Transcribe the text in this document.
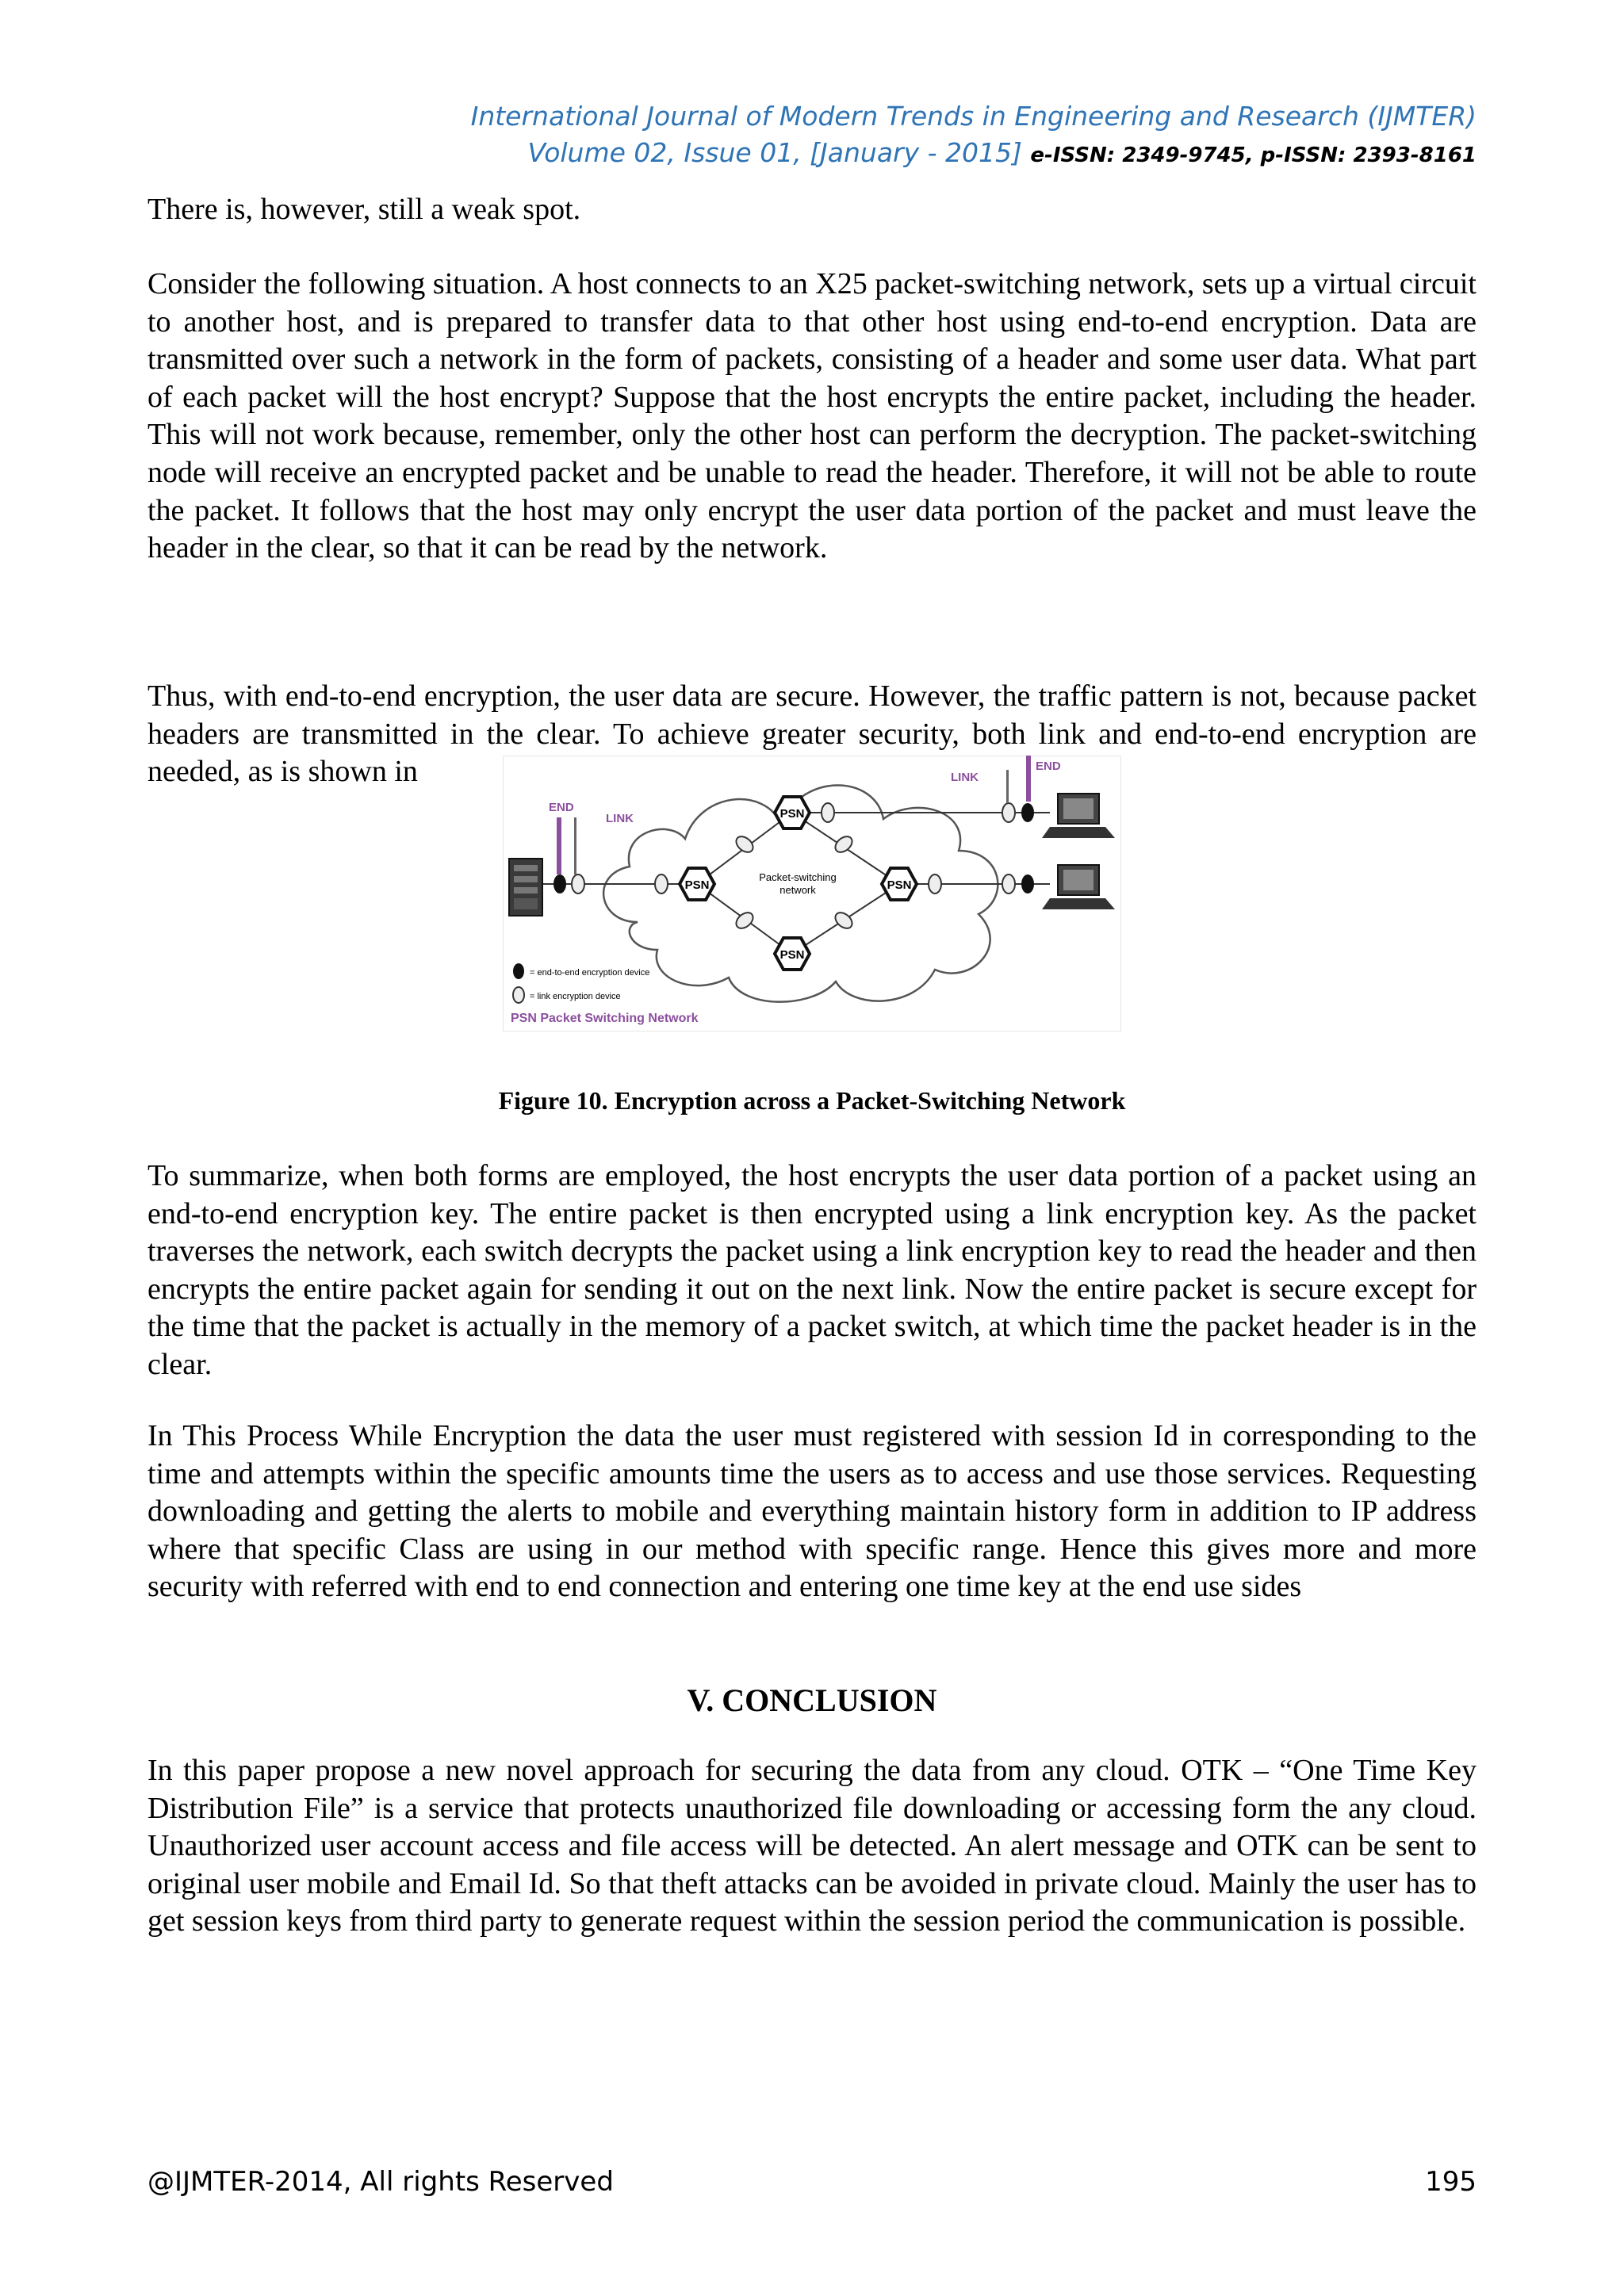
International Journal of Modern Trends in Engineering and Research (IJMTER)
Volume 02, Issue 01, [January - 2015] e-ISSN: 2349-9745, p-ISSN: 2393-8161

There is, however, still a weak spot.

Consider the following situation. A host connects to an X25 packet-switching network, sets up a virtual circuit to another host, and is prepared to transfer data to that other host using end-to-end encryption. Data are transmitted over such a network in the form of packets, consisting of a header and some user data. What part of each packet will the host encrypt? Suppose that the host encrypts the entire packet, including the header. This will not work because, remember, only the other host can perform the decryption. The packet-switching node will receive an encrypted packet and be unable to read the header. Therefore, it will not be able to route the packet. It follows that the host may only encrypt the user data portion of the packet and must leave the header in the clear, so that it can be read by the network.

Thus, with end-to-end encryption, the user data are secure. However, the traffic pattern is not, because packet headers are transmitted in the clear. To achieve greater security, both link and end-to-end encryption are needed, as is shown in

END
LINK
LINK
END
PSN
PSN	PSN
PSN
Packet-switching
network
= end-to-end encryption device
= link encryption device
PSN Packet Switching Network
Figure 10. Encryption across a Packet-Switching Network

To summarize, when both forms are employed, the host encrypts the user data portion of a packet using an end-to-end encryption key. The entire packet is then encrypted using a link encryption key. As the packet traverses the network, each switch decrypts the packet using a link encryption key to read the header and then encrypts the entire packet again for sending it out on the next link. Now the entire packet is secure except for the time that the packet is actually in the memory of a packet switch, at which time the packet header is in the clear.

In This Process While Encryption the data the user must registered with session Id in corresponding to the time and attempts within the specific amounts time the users as to access and use those services. Requesting downloading and getting the alerts to mobile and everything maintain history form in addition to IP address where that specific Class are using in our method with specific range. Hence this gives more and more security with referred with end to end connection and entering one time key at the end use sides

V. CONCLUSION

In this paper propose a new novel approach for securing the data from any cloud. OTK – “One Time Key Distribution File” is a service that protects unauthorized file downloading or accessing form the any cloud. Unauthorized user account access and file access will be detected. An alert message and OTK can be sent to original user mobile and Email Id. So that theft attacks can be avoided in private cloud. Mainly the user has to get session keys from third party to generate request within the session period the communication is possible.

@IJMTER-2014, All rights Reserved	195
